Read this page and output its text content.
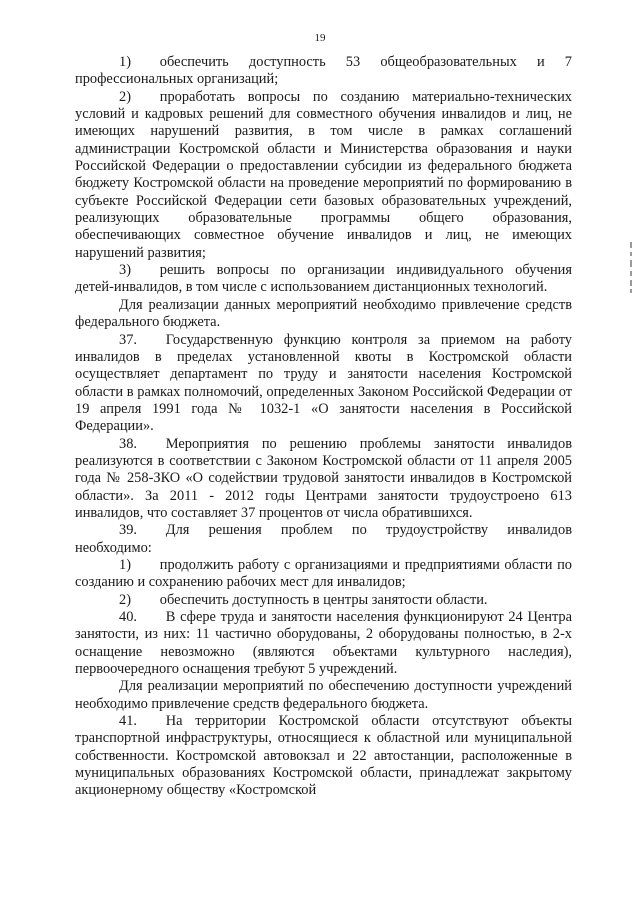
19

1)  обеспечить доступность 53 общеобразовательных и 7 профессиональных организаций;

2)  проработать вопросы по созданию материально-технических условий и кадровых решений для совместного обучения инвалидов и лиц, не имеющих нарушений развития, в том числе в рамках соглашений администрации Костромской области и Министерства образования и науки Российской Федерации о предоставлении субсидии из федерального бюджета бюджету Костромской области на проведение мероприятий по формированию в субъекте Российской Федерации сети базовых образовательных учреждений, реализующих образовательные программы общего образования, обеспечивающих совместное обучение инвалидов и лиц, не имеющих нарушений развития;

3)  решить вопросы по организации индивидуального обучения детей-инвалидов, в том числе с использованием дистанционных технологий.

Для реализации данных мероприятий необходимо привлечение средств федерального бюджета.

37.  Государственную функцию контроля за приемом на работу инвалидов в пределах установленной квоты в Костромской области осуществляет департамент по труду и занятости населения Костромской области в рамках полномочий, определенных Законом Российской Федерации от 19 апреля 1991 года № 1032-1 «О занятости населения в Российской Федерации».

38.  Мероприятия по решению проблемы занятости инвалидов реализуются в соответствии с Законом Костромской области от 11 апреля 2005 года № 258-ЗКО «О содействии трудовой занятости инвалидов в Костромской области». За 2011 - 2012 годы Центрами занятости трудоустроено 613 инвалидов, что составляет 37 процентов от числа обратившихся.

39.  Для решения проблем по трудоустройству инвалидов необходимо:

1)  продолжить работу с организациями и предприятиями области по созданию и сохранению рабочих мест для инвалидов;

2)  обеспечить доступность в центры занятости области.

40.  В сфере труда и занятости населения функционируют 24 Центра занятости, из них: 11 частично оборудованы, 2 оборудованы полностью, в 2-х оснащение невозможно (являются объектами культурного наследия), первоочередного оснащения требуют 5 учреждений.

Для реализации мероприятий по обеспечению доступности учреждений необходимо привлечение средств федерального бюджета.

41.  На территории Костромской области отсутствуют объекты транспортной инфраструктуры, относящиеся к областной или муниципальной собственности. Костромской автовокзал и 22 автостанции, расположенные в муниципальных образованиях Костромской области, принадлежат закрытому акционерному обществу «Костромской
